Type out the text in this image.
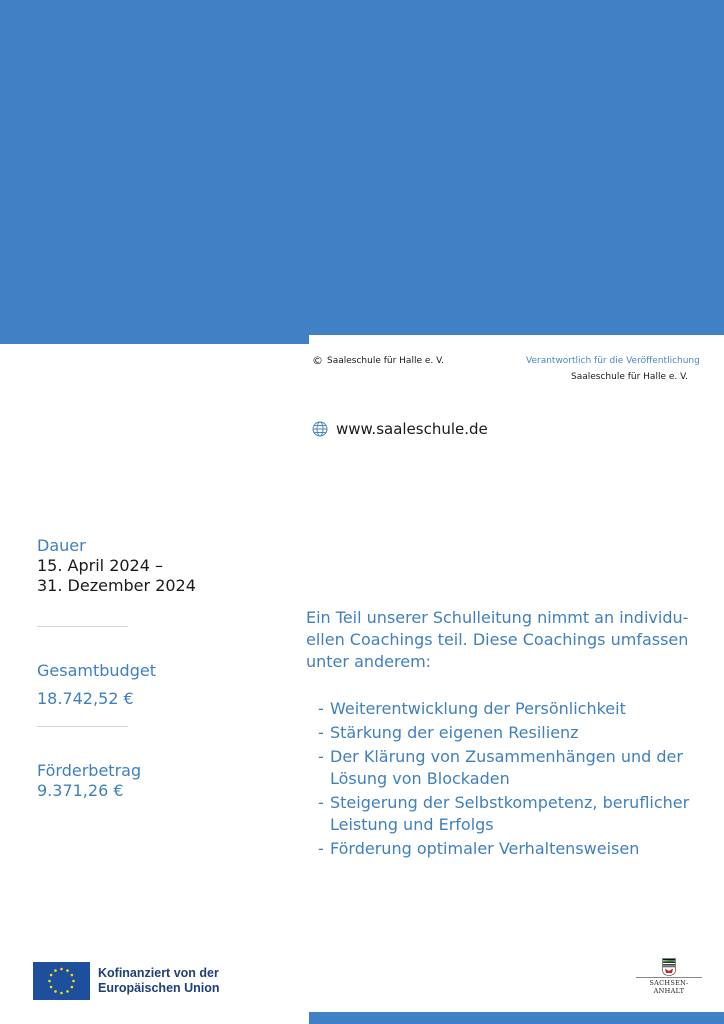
© Saaleschule für Halle e. V.	Verantwortlich für die Veröffentlichung
Saaleschule für Halle e. V.
www.saaleschule.de
Dauer
15. April 2024 –
31. Dezember 2024
Gesamtbudget
18.742,52 €
Förderbetrag
9.371,26 €
Ein Teil unserer Schulleitung nimmt an individu-
ellen Coachings teil. Diese Coachings umfassen
unter anderem:
- Weiterentwicklung der Persönlichkeit
- Stärkung der eigenen Resilienz
- Der Klärung von Zusammenhängen und der
Lösung von Blockaden
- Steigerung der Selbstkompetenz, beruflicher
Leistung und Erfolgs
- Förderung optimaler Verhaltensweisen
Kofinanziert von der
Europäischen Union	SACHSEN-ANHALT
